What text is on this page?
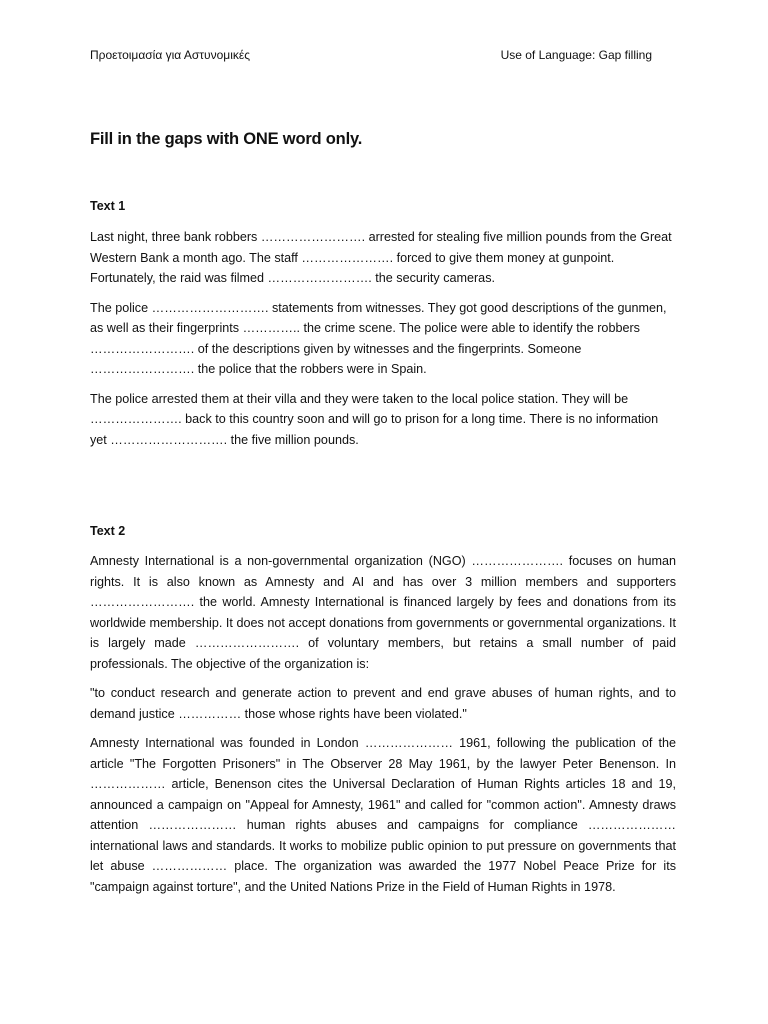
Προετοιμασία για Αστυνομικές	Use of Language: Gap filling
Fill in the gaps with ONE word only.
Text 1

Last night, three bank robbers ……………………. arrested for stealing five million pounds from the Great Western Bank a month ago. The staff …………………. forced to give them money at gunpoint. Fortunately, the raid was filmed ……………………. the security cameras.

The police ………………………. statements from witnesses. They got good descriptions of the gunmen, as well as their fingerprints ………….. the crime scene. The police were able to identify the robbers ……………………. of the descriptions given by witnesses and the fingerprints. Someone ……………………. the police that the robbers were in Spain.

The police arrested them at their villa and they were taken to the local police station. They will be …………………. back to this country soon and will go to prison for a long time. There is no information yet ………………………. the five million pounds.

Text 2

Amnesty International is a non-governmental organization (NGO) …………………. focuses on human rights. It is also known as Amnesty and AI and has over 3 million members and supporters ……………………. the world. Amnesty International is financed largely by fees and donations from its worldwide membership. It does not accept donations from governments or governmental organizations. It is largely made ……………………. of voluntary members, but retains a small number of paid professionals. The objective of the organization is:

"to conduct research and generate action to prevent and end grave abuses of human rights, and to demand justice …………… those whose rights have been violated."

Amnesty International was founded in London ………………… 1961, following the publication of the article "The Forgotten Prisoners" in The Observer 28 May 1961, by the lawyer Peter Benenson. In ……………… article, Benenson cites the Universal Declaration of Human Rights articles 18 and 19, announced a campaign on "Appeal for Amnesty, 1961" and called for "common action". Amnesty draws attention ………………… human rights abuses and campaigns for compliance ………………… international laws and standards. It works to mobilize public opinion to put pressure on governments that let abuse ……………… place. The organization was awarded the 1977 Nobel Peace Prize for its "campaign against torture", and the United Nations Prize in the Field of Human Rights in 1978.
